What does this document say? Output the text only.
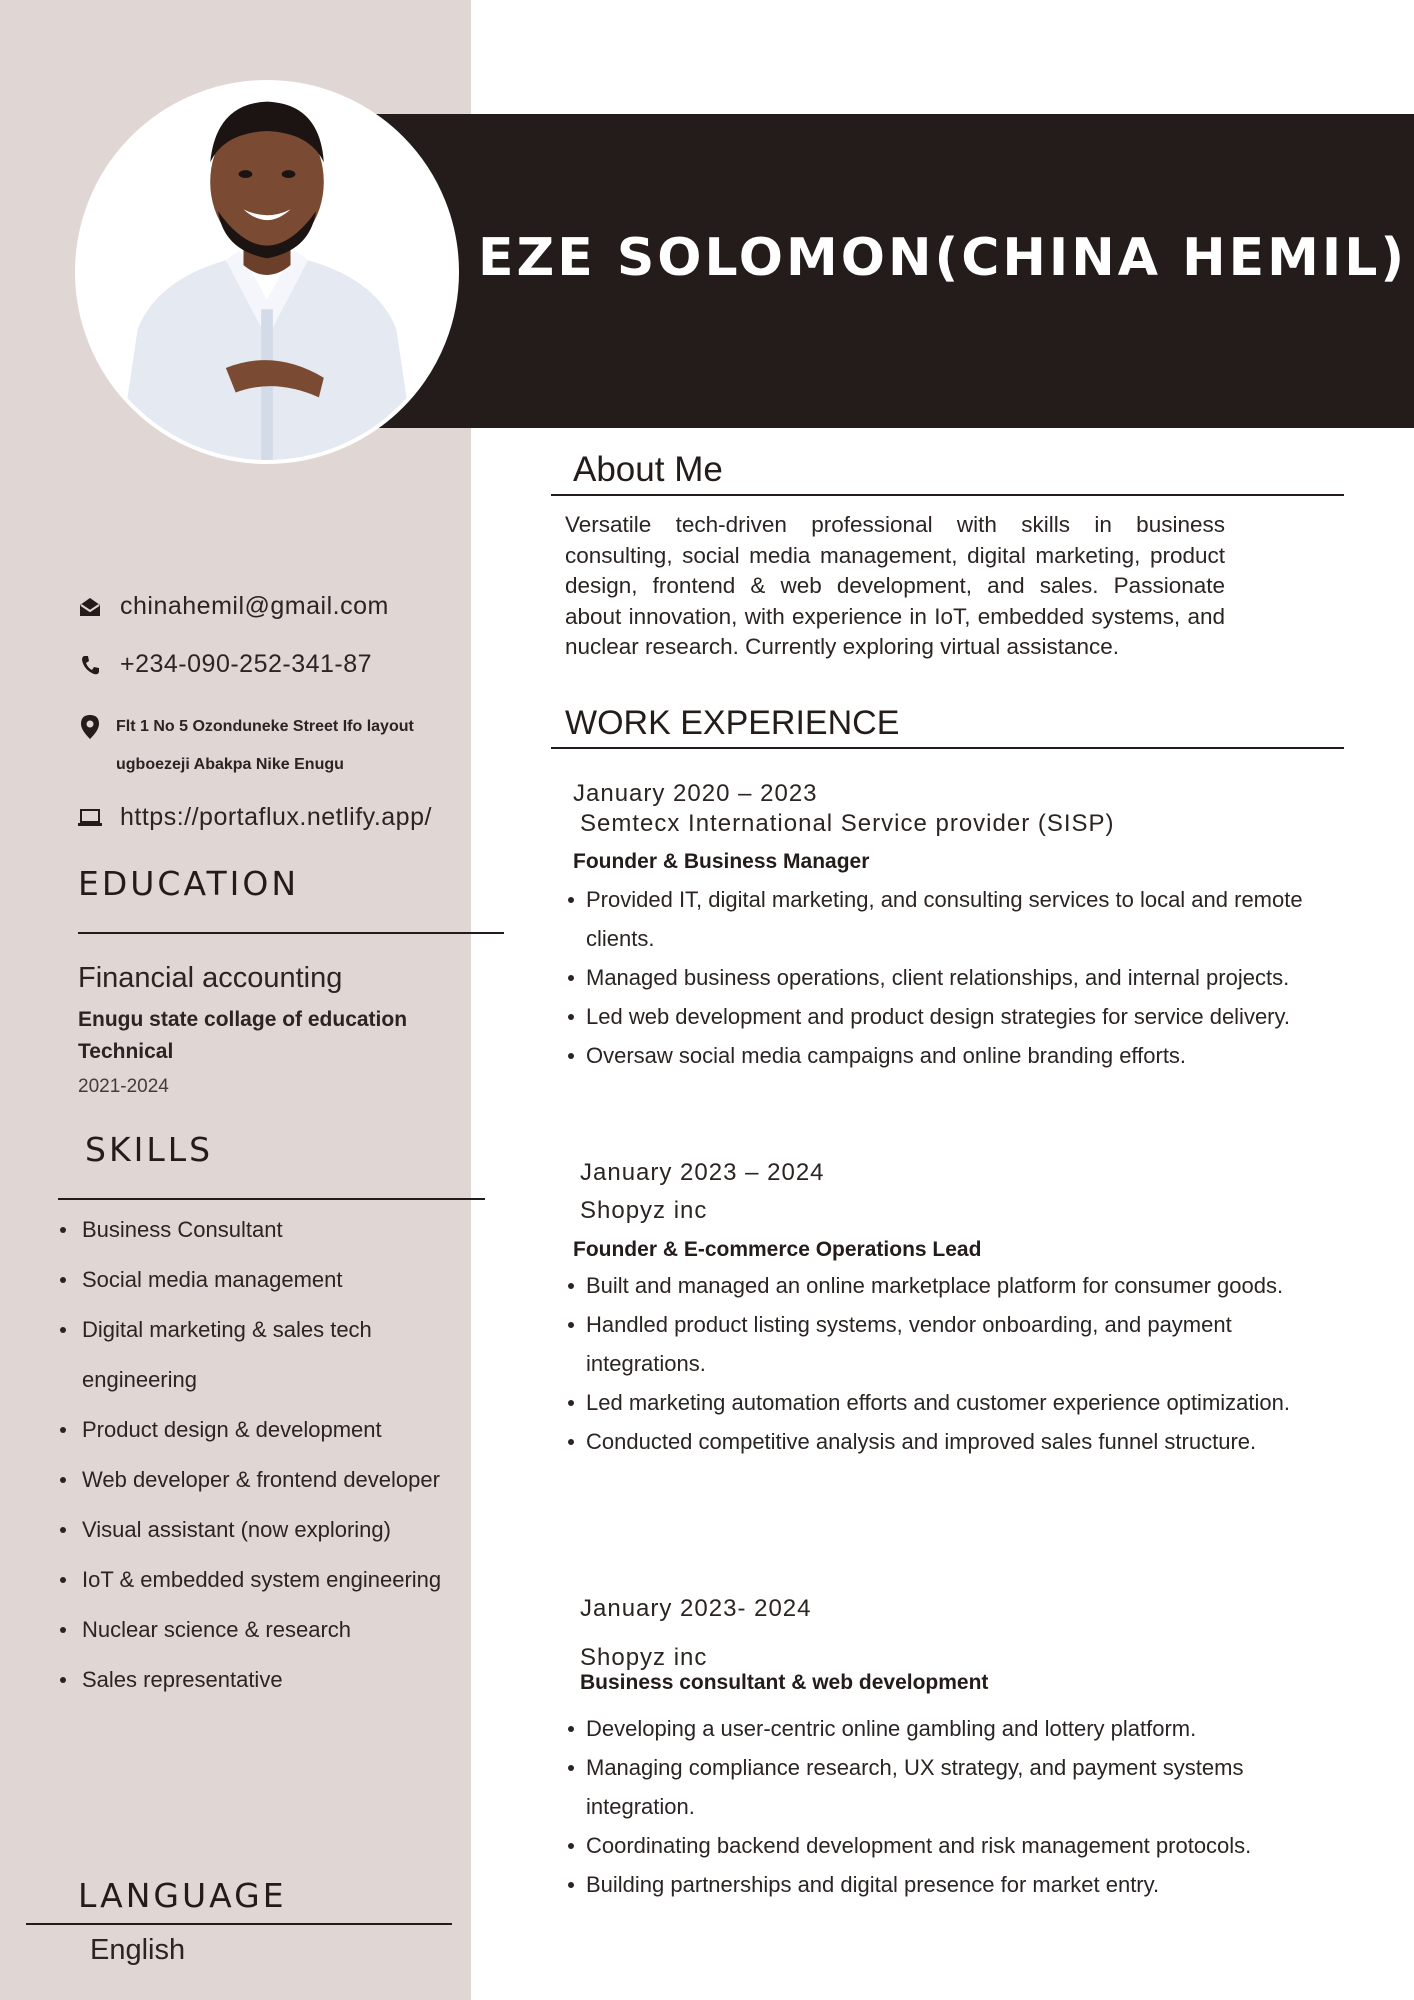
EZE SOLOMON(CHINA HEMIL)
chinahemil@gmail.com
+234-090-252-341-87
Flt 1 No 5 Ozonduneke Street Ifo layout
ugboezeji Abakpa Nike Enugu
https://portaflux.netlify.app/
EDUCATION
Financial accounting
Enugu state collage of education Technical
2021-2024
SKILLS
Business Consultant
Social media management
Digital marketing & sales tech engineering
Product design & development
Web developer & frontend developer
Visual assistant (now exploring)
IoT & embedded system engineering
Nuclear science & research
Sales representative
LANGUAGE
English
About Me
Versatile tech-driven professional with skills in business consulting, social media management, digital marketing, product design, frontend & web development, and sales. Passionate about innovation, with experience in IoT, embedded systems, and nuclear research. Currently exploring virtual assistance.
WORK EXPERIENCE
January 2020 – 2023
Semtecx International Service provider (SISP)
Founder & Business Manager
Provided IT, digital marketing, and consulting services to local and remote clients.
Managed business operations, client relationships, and internal projects.
Led web development and product design strategies for service delivery.
Oversaw social media campaigns and online branding efforts.
January 2023 – 2024
Shopyz inc
Founder & E-commerce Operations Lead
Built and managed an online marketplace platform for consumer goods.
Handled product listing systems, vendor onboarding, and payment integrations.
Led marketing automation efforts and customer experience optimization.
Conducted competitive analysis and improved sales funnel structure.
January 2023- 2024
Shopyz inc
Business consultant & web development
Developing a user-centric online gambling and lottery platform.
Managing compliance research, UX strategy, and payment systems integration.
Coordinating backend development and risk management protocols.
Building partnerships and digital presence for market entry.
